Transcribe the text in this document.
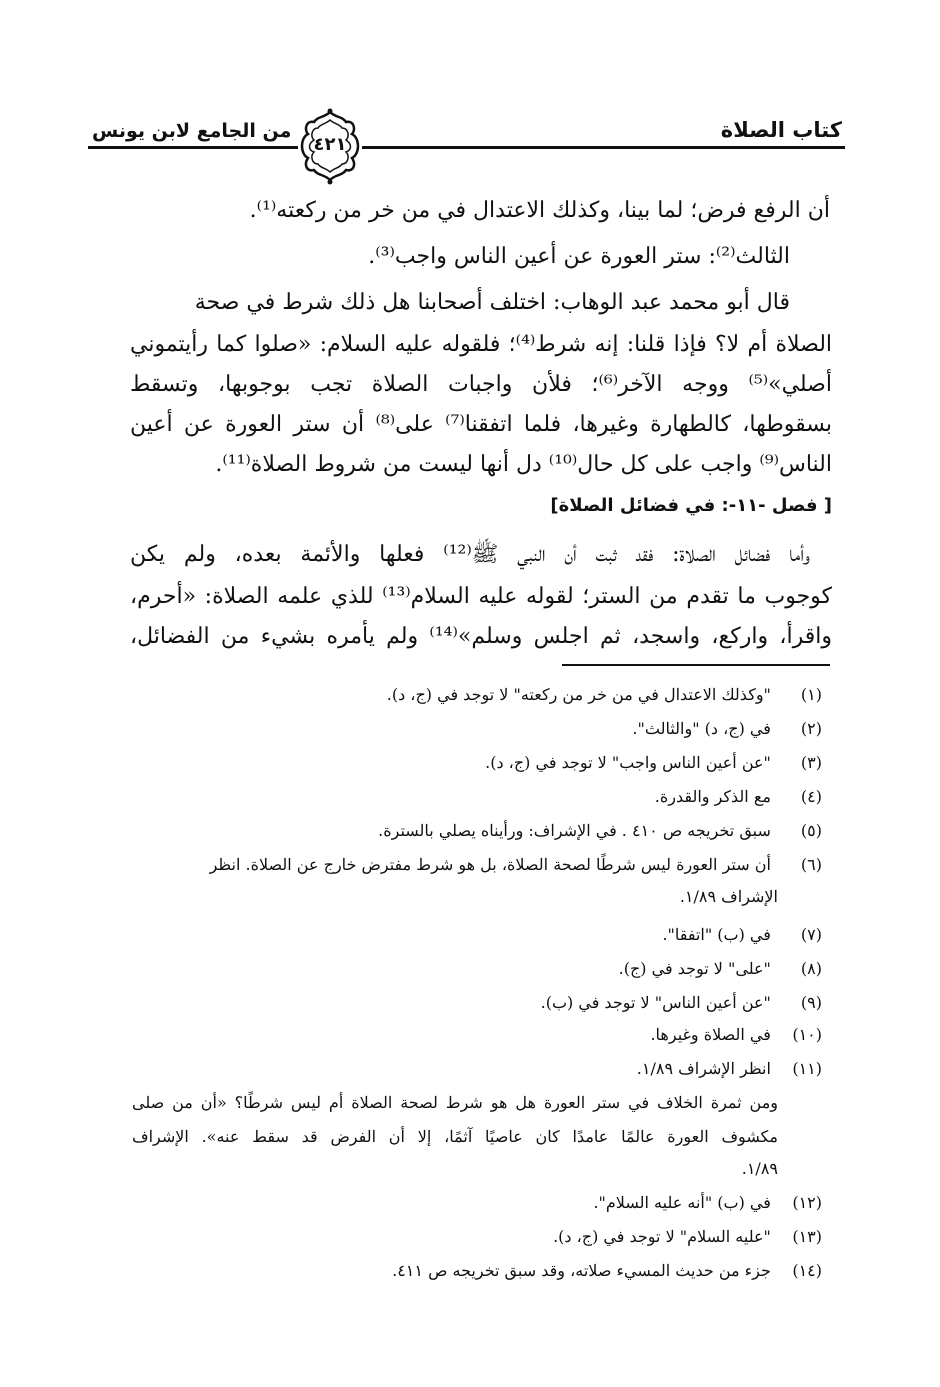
من الجامع لابن يونس
٤٢١
كتاب الصلاة
أن الرفع فرض؛ لما بينا، وكذلك الاعتدال في من خر من ركعته⁽¹⁾.
الثالث⁽²⁾: ستر العورة عن أعين الناس واجب⁽³⁾.
قال أبو محمد عبد الوهاب: اختلف أصحابنا هل ذلك شرط في صحة
الصلاة أم لا؟ فإذا قلنا: إنه شرط⁽⁴⁾؛ فلقوله عليه السلام: «صلوا كما رأيتموني
أصلي»⁽⁵⁾ ووجه الآخر⁽⁶⁾؛ فلأن واجبات الصلاة تجب بوجوبها، وتسقط
بسقوطها، كالطهارة وغيرها، فلما اتفقنا⁽⁷⁾ على⁽⁸⁾ أن ستر العورة عن أعين
الناس⁽⁹⁾ واجب على كل حال⁽¹⁰⁾ دل أنها ليست من شروط الصلاة⁽¹¹⁾.
[ فصل -١١-: في فضائل الصلاة]
وأما فضائل الصلاة: فقد ثبت أن النبي ﷺ⁽¹²⁾ فعلها والأئمة بعده، ولم يكن
كوجوب ما تقدم من الستر؛ لقوله عليه السلام⁽¹³⁾ للذي علمه الصلاة: «أحرم،
واقرأ، واركع، واسجد، ثم اجلس وسلم»⁽¹⁴⁾ ولم يأمره بشيء من الفضائل،
(١) "وكذلك الاعتدال في من خر من ركعته" لا توجد في (ج، د).
(٢) في (ج، د) "والثالث".
(٣) "عن أعين الناس واجب" لا توجد في (ج، د).
(٤) مع الذكر والقدرة.
(٥) سبق تخريجه ص ٤١٠ . في الإشراف: ورأيناه يصلي بالسترة.
(٦) أن ستر العورة ليس شرطًا لصحة الصلاة، بل هو شرط مفترض خارج عن الصلاة. انظر
الإشراف ١/٨٩.
(٧) في (ب) "اتفقا".
(٨) "على" لا توجد في (ج).
(٩) "عن أعين الناس" لا توجد في (ب).
(١٠) في الصلاة وغيرها.
(١١) انظر الإشراف ١/٨٩.
ومن ثمرة الخلاف في ستر العورة هل هو شرط لصحة الصلاة أم ليس شرطًا؟ «أن من صلى
مكشوف العورة عالمًا عامدًا كان عاصيًا آثمًا، إلا أن الفرض قد سقط عنه». الإشراف
١/٨٩.
(١٢) في (ب) "أنه عليه السلام".
(١٣) "عليه السلام" لا توجد في (ج، د).
(١٤) جزء من حديث المسيء صلاته، وقد سبق تخريجه ص ٤١١.
